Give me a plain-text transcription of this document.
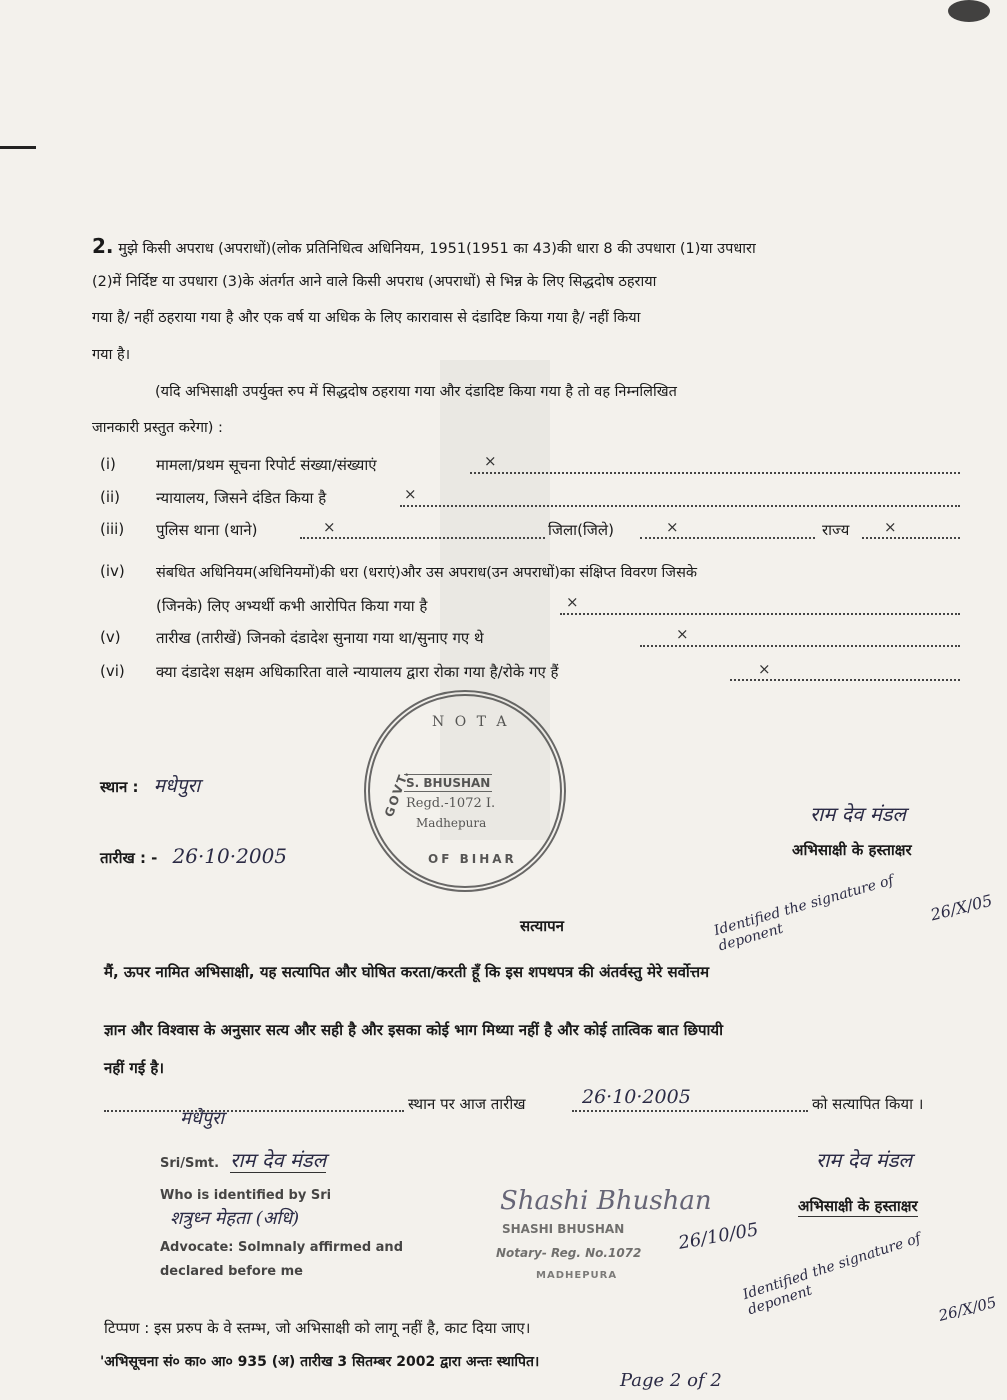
2. मुझे किसी अपराध (अपराधों)(लोक प्रतिनिधित्व अधिनियम, 1951(1951 का 43)की धारा 8 की उपधारा (1)या उपधारा
(2)में निर्दिष्ट या उपधारा (3)के अंतर्गत आने वाले किसी अपराध (अपराधों) से भिन्न के लिए सिद्धदोष ठहराया
गया है/ नहीं ठहराया गया है और एक वर्ष या अधिक के लिए कारावास से दंडादिष्ट किया गया है/ नहीं किया
गया है।
(यदि अभिसाक्षी उपर्युक्त रुप में सिद्धदोष ठहराया गया और दंडादिष्ट किया गया है तो वह निम्नलिखित
जानकारी प्रस्तुत करेगा) :
(i)	मामला/प्रथम सूचना रिपोर्ट संख्या/संख्याएं	×
(ii) न्यायालय, जिसने दंडित किया है	×
(iii) पुलिस थाना (थाने)	×	जिला(जिले)	×	राज्य ×
(iv) संबधित अधिनियम(अधिनियमों)की धरा (धराएं)और उस अपराध(उन अपराधों)का संक्षिप्त विवरण जिसके
(जिनके) लिए अभ्यर्थी कभी आरोपित किया गया है	×
(v) तारीख (तारीखें) जिनको दंडादेश सुनाया गया था/सुनाए गए थे	×
(vi) क्या दंडादेश सक्षम अधिकारिता वाले न्यायालय द्वारा रोका गया है/रोके गए हैं	×
N O T A
S. BHUSHAN
Regd.-1072 I.
Madhepura
OF BIHAR
GOVT.
स्थान : मधेपुरा
तारीख : - 26·10·2005
राम देव मंडल
अभिसाक्षी के हस्ताक्षर
Identified the signature of deponent
26/X/05
सत्यापन
मैं, ऊपर नामित अभिसाक्षी, यह सत्यापित और घोषित करता/करती हूँ कि इस शपथपत्र की अंतर्वस्तु मेरे सर्वोत्तम
ज्ञान और विश्वास के अनुसार सत्य और सही है और इसका कोई भाग मिथ्या नहीं है और कोई तात्विक बात छिपायी
नहीं गई है।
मधेपुरा
स्थान पर आज तारीख	26·10·2005	को सत्यापित किया ।
Sri/Smt. राम देव मंडल
Who is identified by Sri
शत्रुध्न मेहता (अधि)
Advocate: Solmnaly affirmed and
declared before me
Shashi Bhushan
SHASHI BHUSHAN
Notary- Reg. No.1072
MADHEPURA
26/10/05
राम देव मंडल
अभिसाक्षी के हस्ताक्षर
Identified the signature of deponent	26/X/05
टिप्पण : इस प्ररुप के वे स्तम्भ, जो अभिसाक्षी को लागू नहीं है, काट दिया जाए।
'अभिसूचना सं० का० आ० 935 (अ) तारीख 3 सितम्बर 2002 द्वारा अन्तः स्थापित।
Page 2 of 2
